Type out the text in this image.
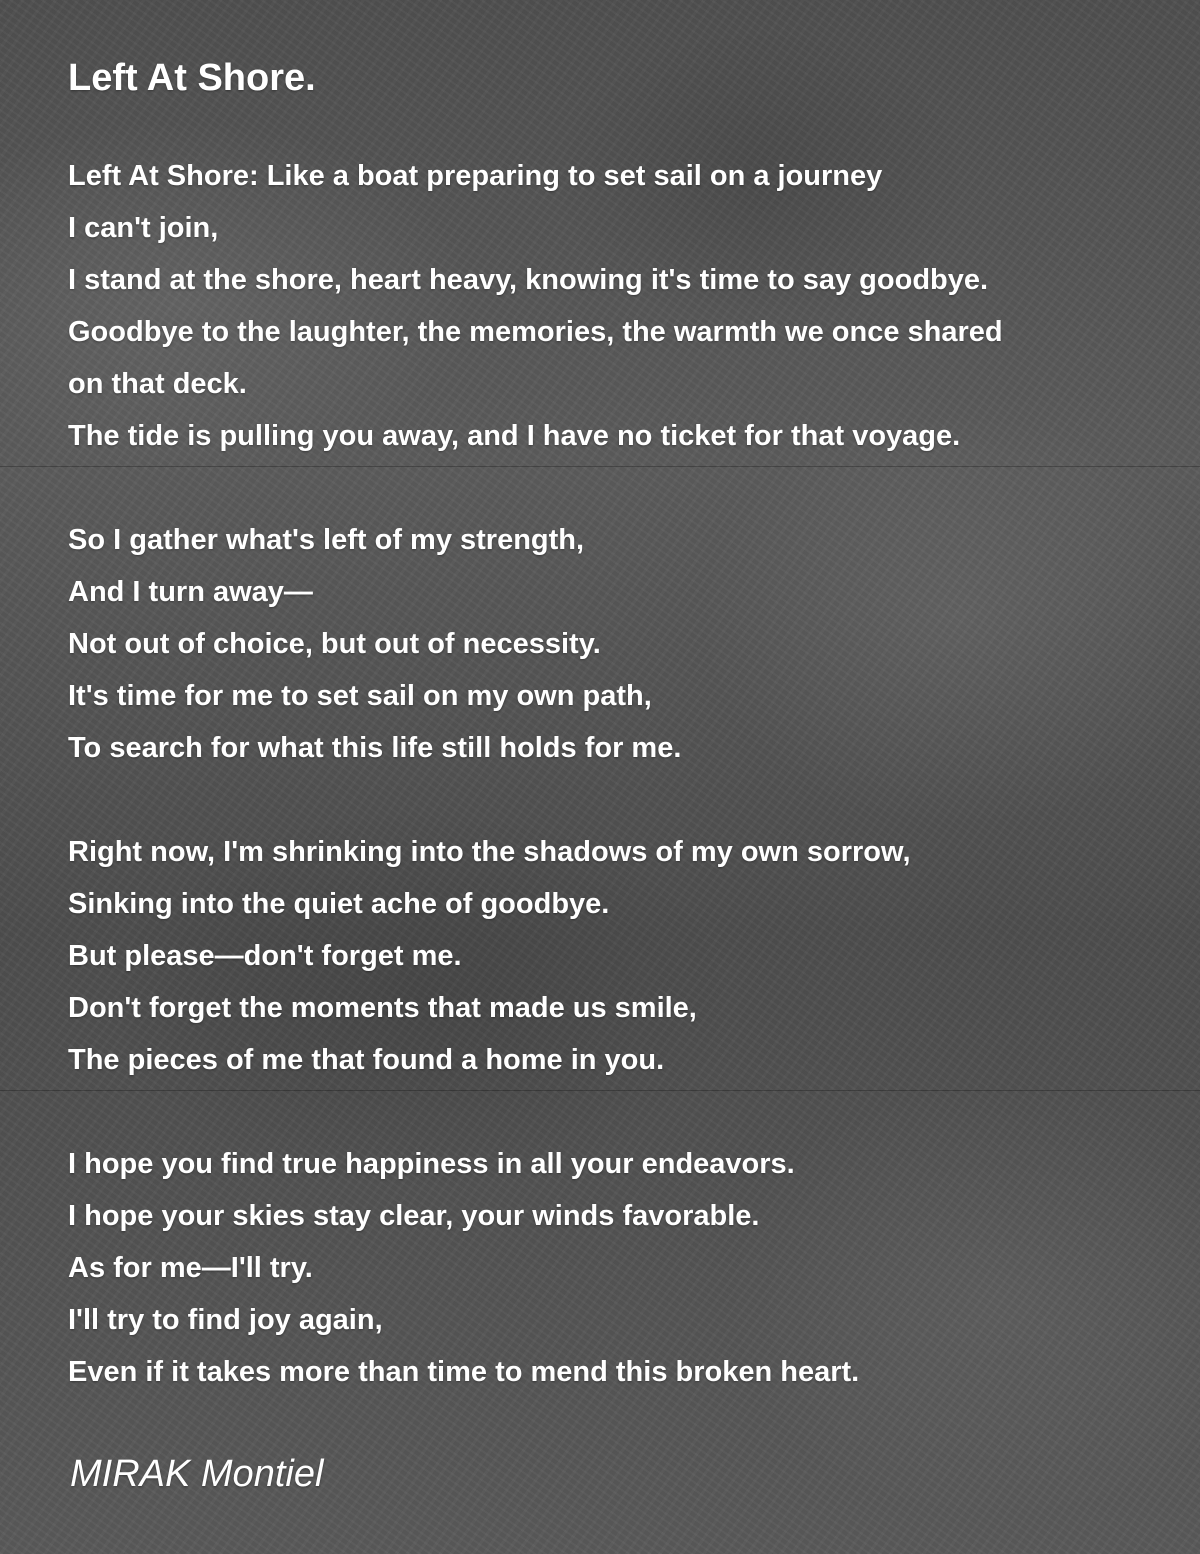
Left At Shore.

Left At Shore: Like a boat preparing to set sail on a journey
I can't join,
I stand at the shore, heart heavy, knowing it's time to say goodbye.
Goodbye to the laughter, the memories, the warmth we once shared
on that deck.
The tide is pulling you away, and I have no ticket for that voyage.

So I gather what's left of my strength,
And I turn away—
Not out of choice, but out of necessity.
It's time for me to set sail on my own path,
To search for what this life still holds for me.

Right now, I'm shrinking into the shadows of my own sorrow,
Sinking into the quiet ache of goodbye.
But please—don't forget me.
Don't forget the moments that made us smile,
The pieces of me that found a home in you.

I hope you find true happiness in all your endeavors.
I hope your skies stay clear, your winds favorable.
As for me—I'll try.
I'll try to find joy again,
Even if it takes more than time to mend this broken heart.

MIRAK Montiel
